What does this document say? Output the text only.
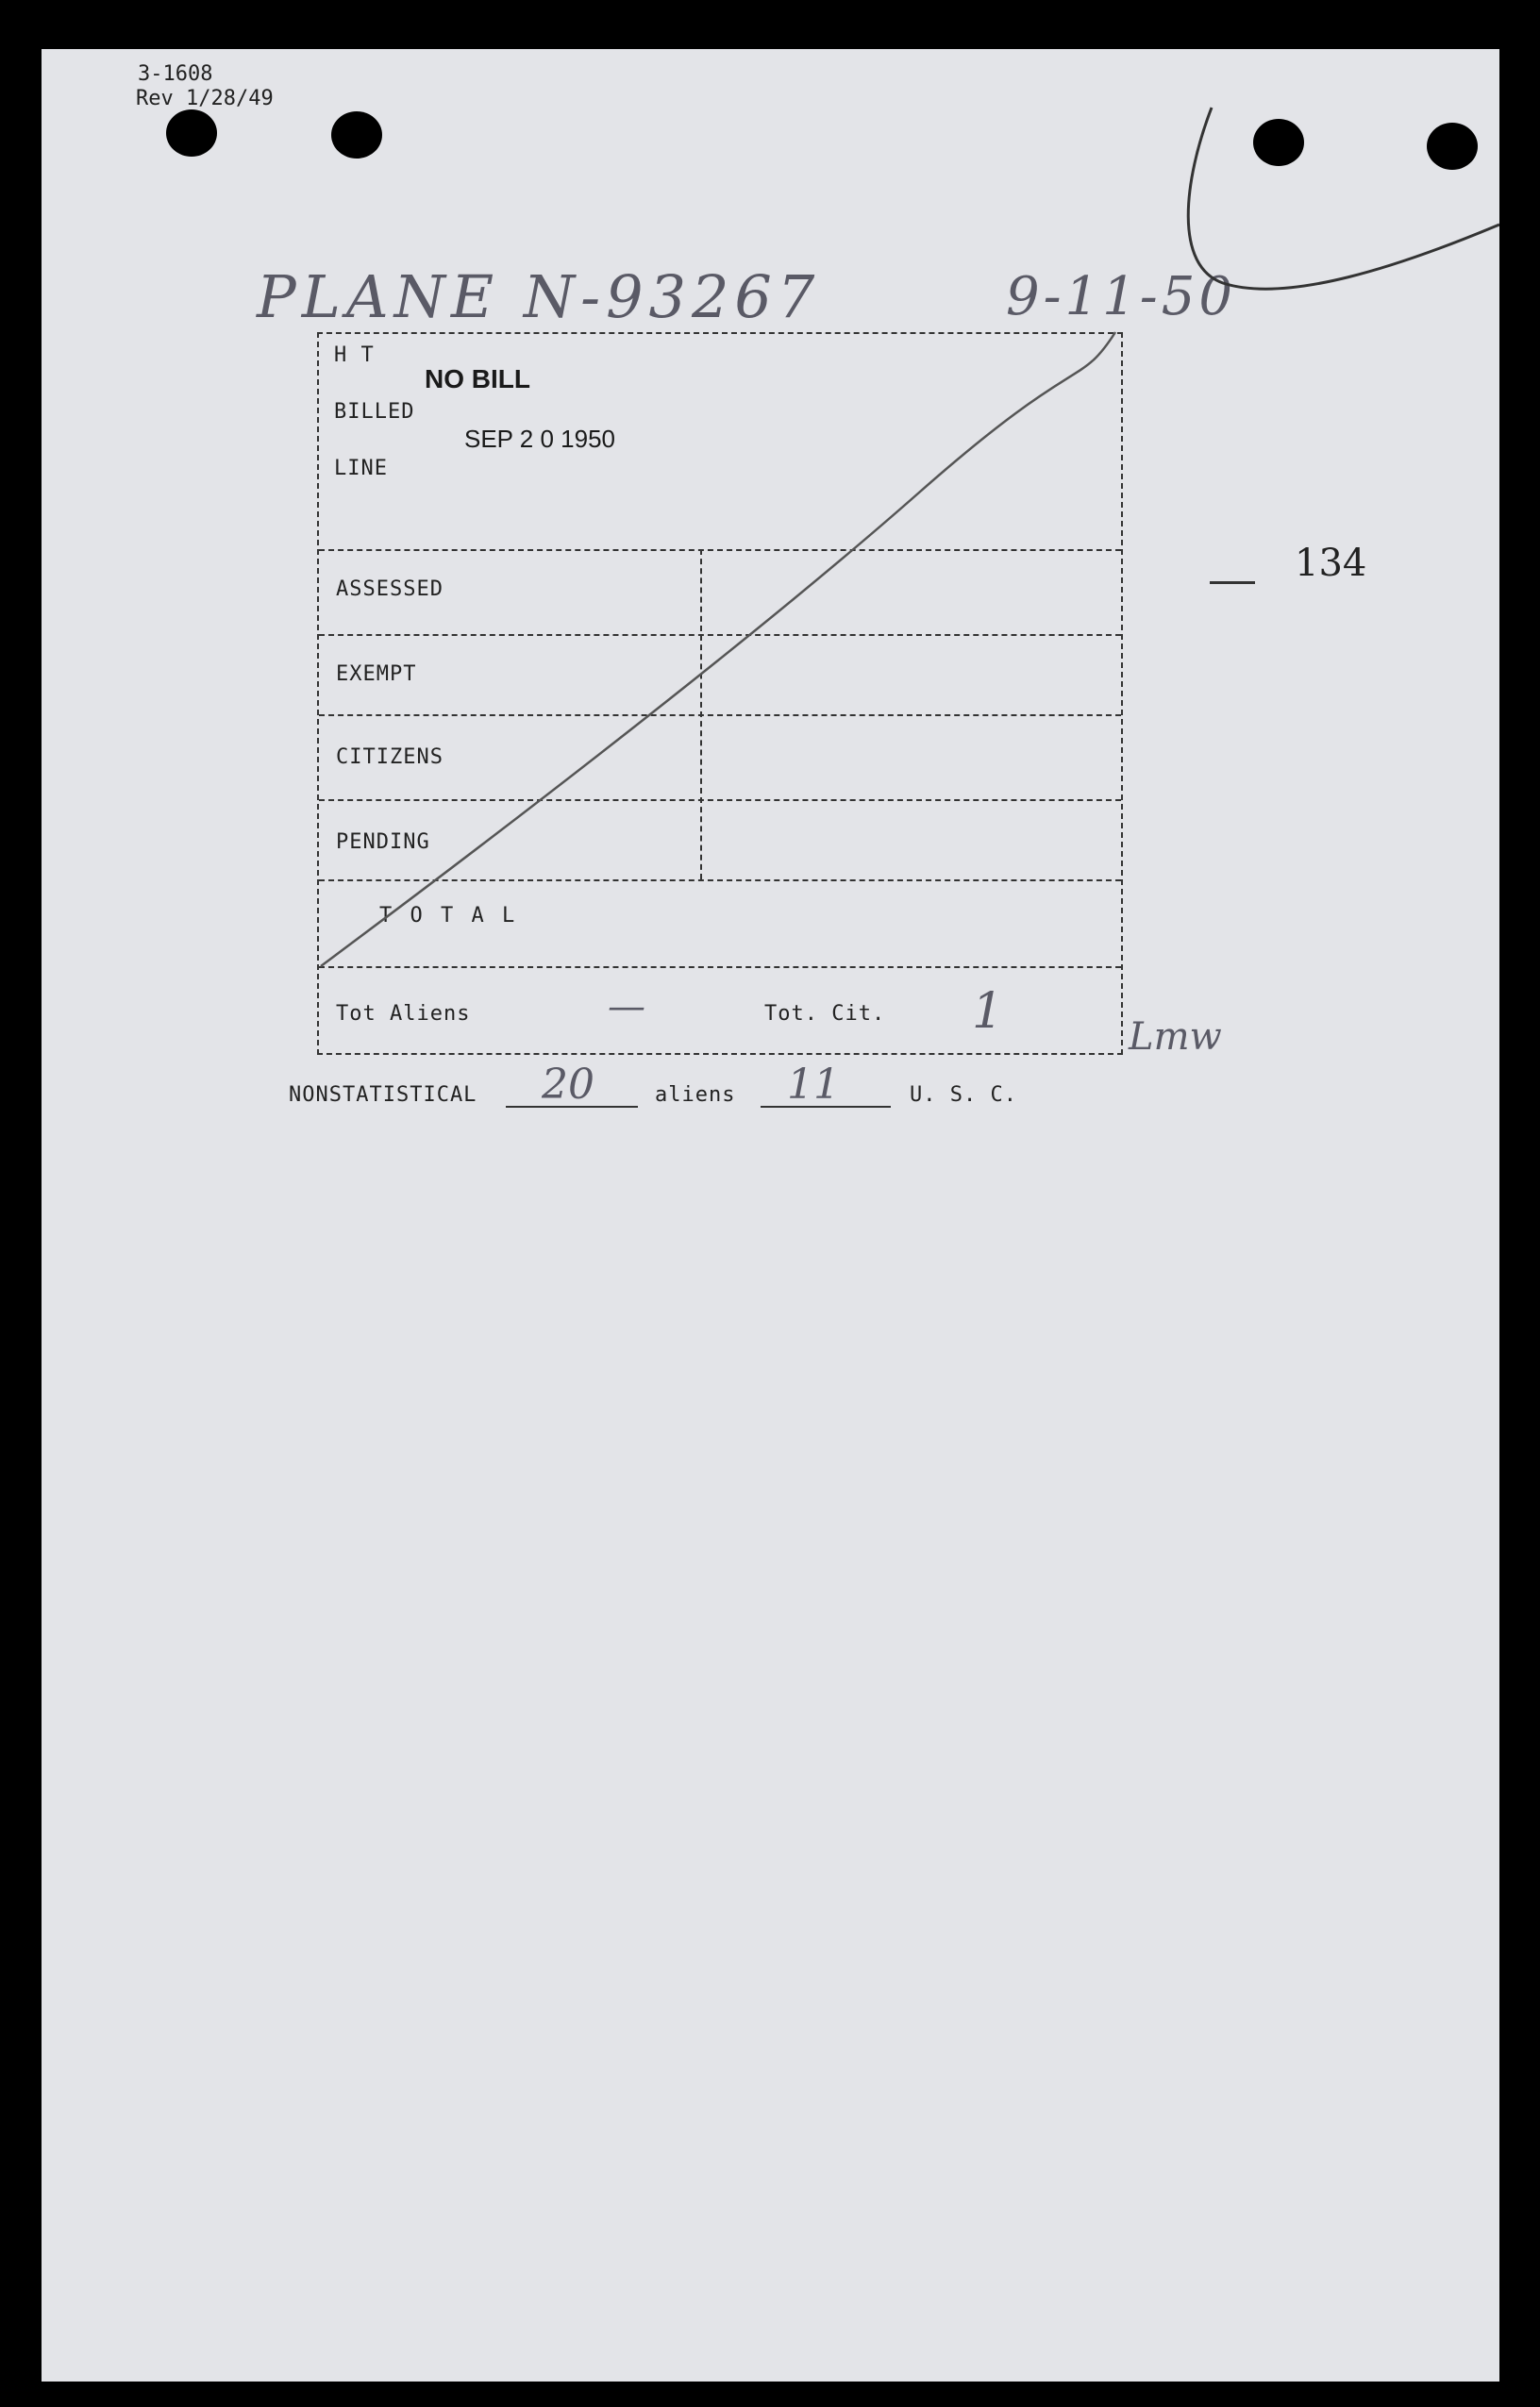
3-1608
Rev 1/28/49
PLANE N-93267	9-11-50
134
H T
BILLED
LINE
NO BILL
SEP 2 0 1950
ASSESSED
EXEMPT
CITIZENS
PENDING
T O T A L
Tot Aliens	—	Tot. Cit. 1	Lmw
NONSTATISTICAL 20	aliens 11	U. S. C.
